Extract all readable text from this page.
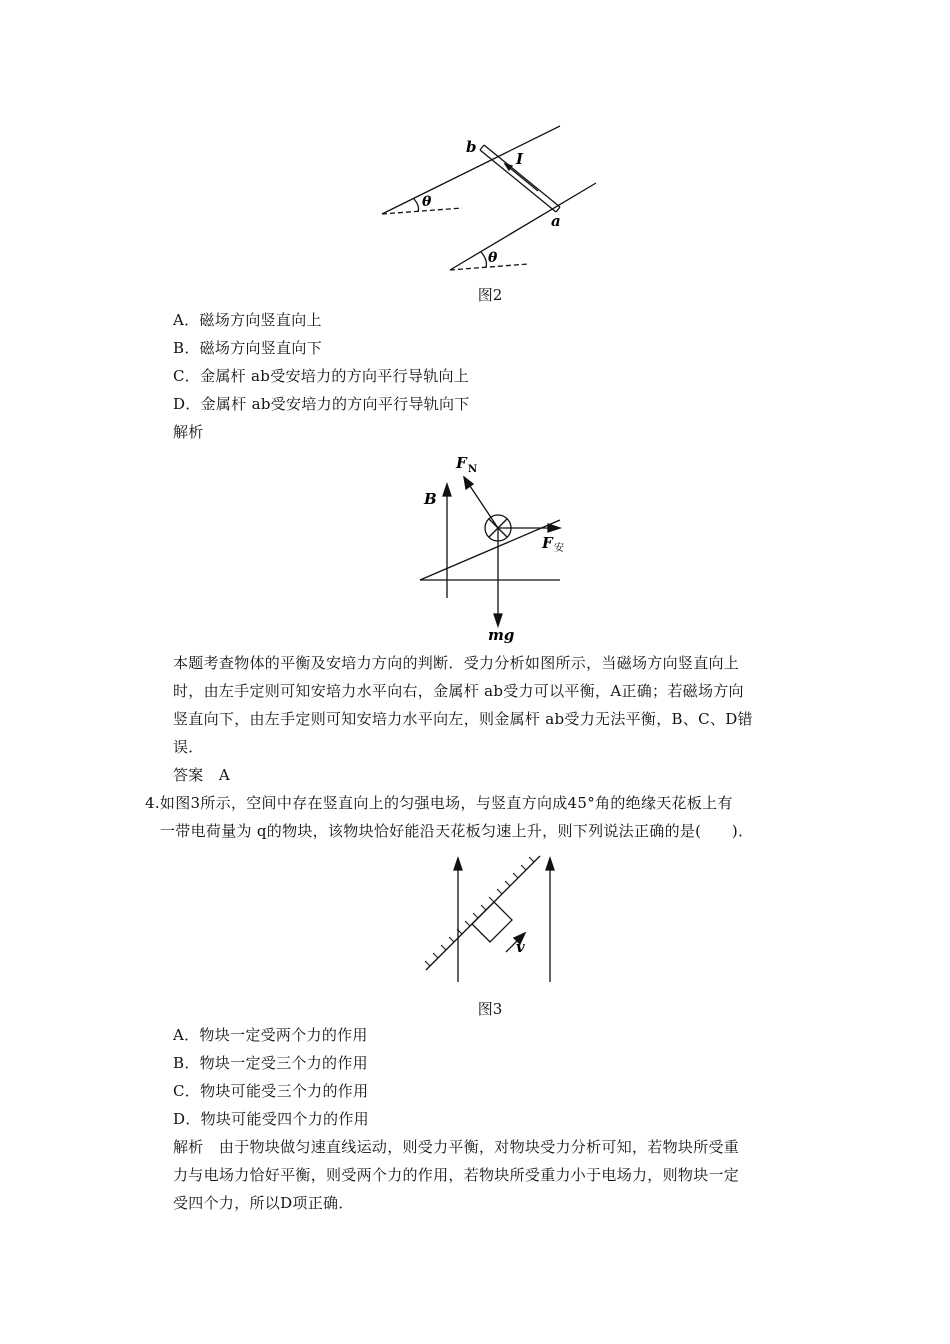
b
I
a
θ
θ
图2
A．磁场方向竖直向上
B．磁场方向竖直向下
C．金属杆 ab受安培力的方向平行导轨向上
D．金属杆 ab受安培力的方向平行导轨向下
解析
F N
B
F 安
mg
本题考查物体的平衡及安培力方向的判断．受力分析如图所示，当磁场方向竖直向上
时，由左手定则可知安培力水平向右，金属杆 ab受力可以平衡，A正确；若磁场方向
竖直向下，由左手定则可知安培力水平向左，则金属杆 ab受力无法平衡，B、C、D错
误．
答案　A
4.如图3所示，空间中存在竖直向上的匀强电场，与竖直方向成45°角的绝缘天花板上有
一带电荷量为 q的物块，该物块恰好能沿天花板匀速上升，则下列说法正确的是(　　)．
v
图3
A．物块一定受两个力的作用
B．物块一定受三个力的作用
C．物块可能受三个力的作用
D．物块可能受四个力的作用
解析　由于物块做匀速直线运动，则受力平衡，对物块受力分析可知，若物块所受重
力与电场力恰好平衡，则受两个力的作用，若物块所受重力小于电场力，则物块一定
受四个力，所以D项正确．
